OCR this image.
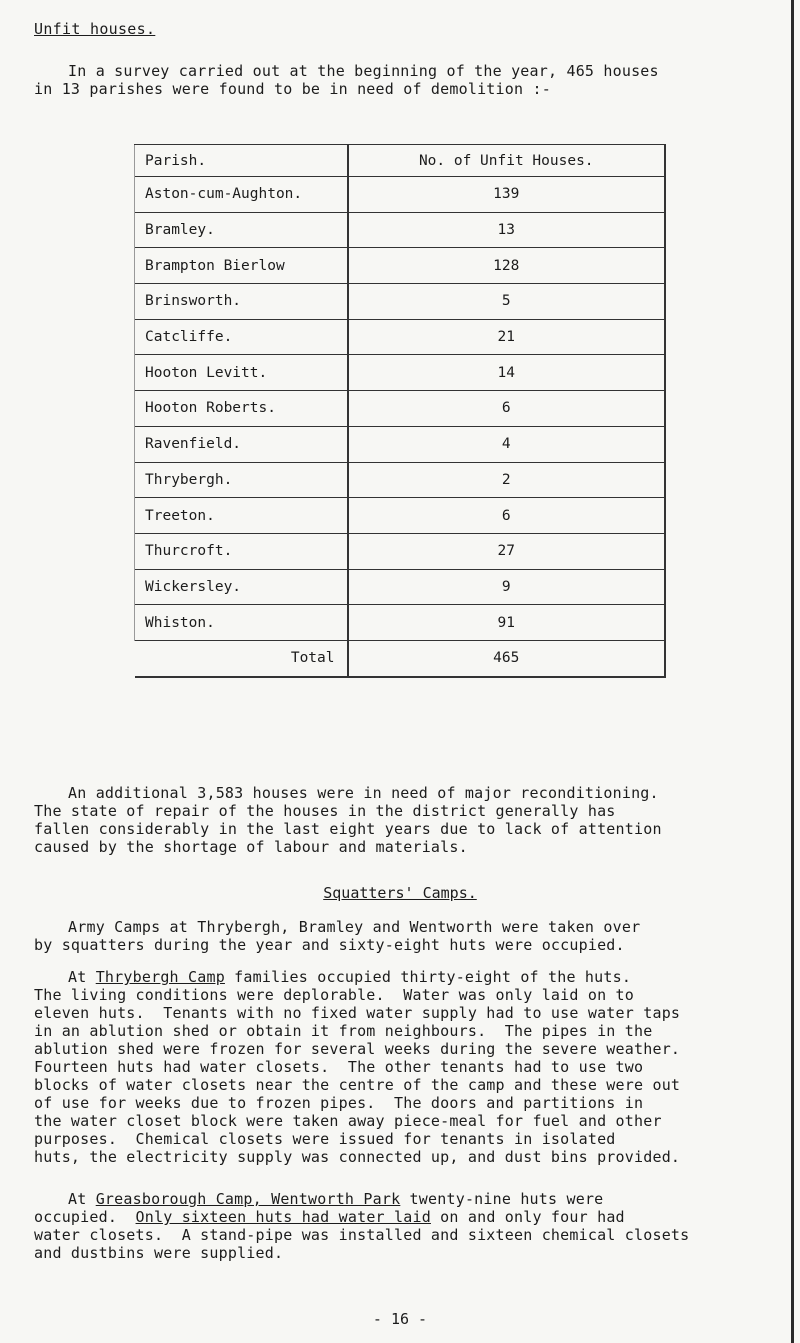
Unfit houses.
In a survey carried out at the beginning of the year, 465 houses
in 13 parishes were found to be in need of demolition :-
Parish.	No. of Unfit Houses.
Aston-cum-Aughton.	139
Bramley.	13
Brampton Bierlow	128
Brinsworth.	5
Catcliffe.	21
Hooton Levitt.	14
Hooton Roberts.	6
Ravenfield.	4
Thrybergh.	2
Treeton.	6
Thurcroft.	27
Wickersley.	9
Whiston.	91
Total	465
An additional 3,583 houses were in need of major reconditioning.
The state of repair of the houses in the district generally has
fallen considerably in the last eight years due to lack of attention
caused by the shortage of labour and materials.
Squatters' Camps.
Army Camps at Thrybergh, Bramley and Wentworth were taken over
by squatters during the year and sixty-eight huts were occupied.
At Thrybergh Camp families occupied thirty-eight of the huts.
The living conditions were deplorable.  Water was only laid on to
eleven huts.  Tenants with no fixed water supply had to use water taps
in an ablution shed or obtain it from neighbours.  The pipes in the
ablution shed were frozen for several weeks during the severe weather.
Fourteen huts had water closets.  The other tenants had to use two
blocks of water closets near the centre of the camp and these were out
of use for weeks due to frozen pipes.  The doors and partitions in
the water closet block were taken away piece-meal for fuel and other
purposes.  Chemical closets were issued for tenants in isolated
huts, the electricity supply was connected up, and dust bins provided.
At Greasborough Camp, Wentworth Park twenty-nine huts were
occupied.  Only sixteen huts had water laid on and only four had
water closets.  A stand-pipe was installed and sixteen chemical closets
and dustbins were supplied.
- 16 -
